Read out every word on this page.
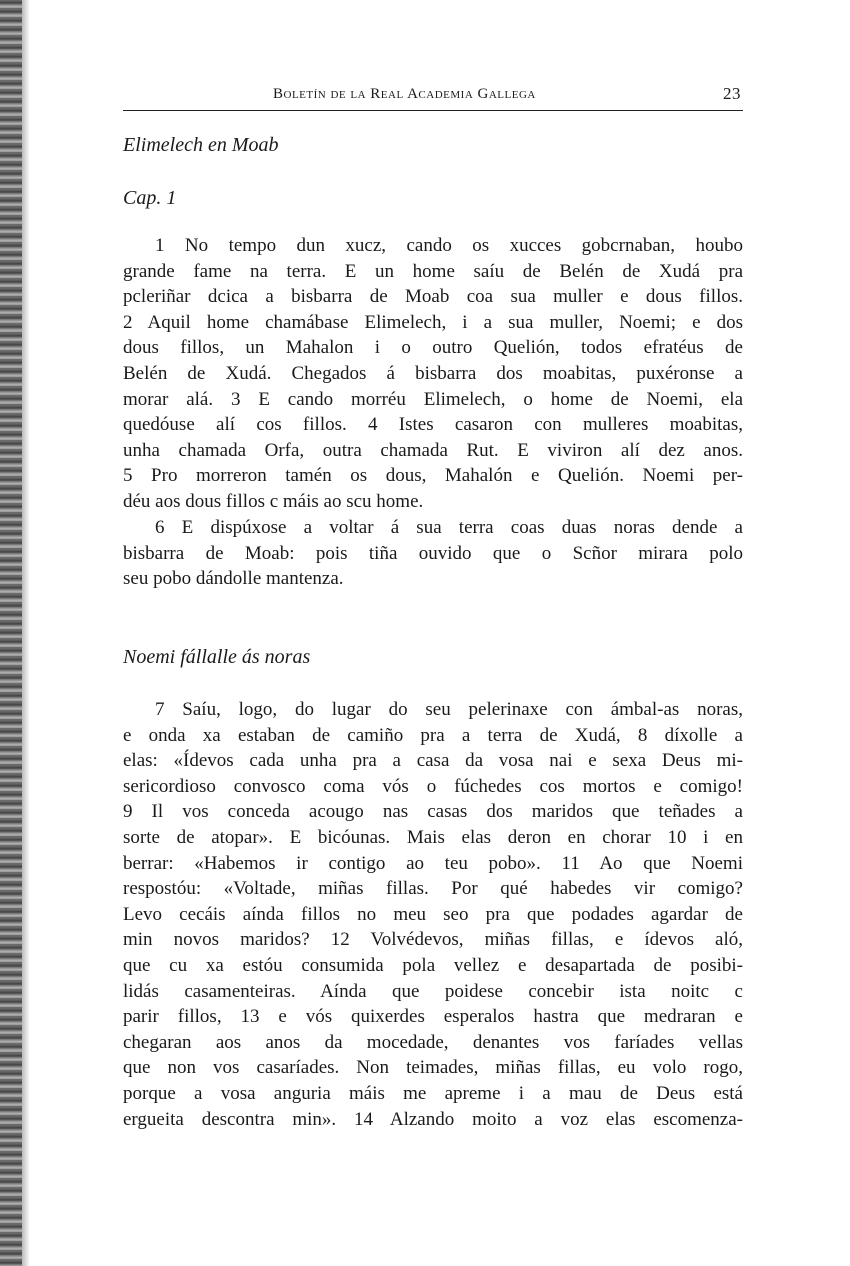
Boletín de la Real Academia Gallega	23
Elimelech en Moab
Cap. 1
1 No tempo dun xucz, cando os xucces gobcrnaban, houbo
grande fame na terra. E un home saíu de Belén de Xudá pra
pcleriñar dcica a bisbarra de Moab coa sua muller e dous fillos.
2 Aquil home chamábase Elimelech, i a sua muller, Noemi; e dos
dous fillos, un Mahalon i o outro Quelión, todos efratéus de
Belén de Xudá. Chegados á bisbarra dos moabitas, puxéronse a
morar alá. 3 E cando morréu Elimelech, o home de Noemi, ela
quedóuse alí cos fillos. 4 Istes casaron con mulleres moabitas,
unha chamada Orfa, outra chamada Rut. E viviron alí dez anos.
5 Pro morreron tamén os dous, Mahalón e Quelión. Noemi per-
déu aos dous fillos c máis ao scu home.
6 E dispúxose a voltar á sua terra coas duas noras dende a
bisbarra de Moab: pois tiña ouvido que o Scñor mirara polo
seu pobo dándolle mantenza.
Noemi fállalle ás noras
7 Saíu, logo, do lugar do seu pelerinaxe con ámbal-as noras,
e onda xa estaban de camiño pra a terra de Xudá, 8 díxolle a
elas: «Ídevos cada unha pra a casa da vosa nai e sexa Deus mi-
sericordioso convosco coma vós o fúchedes cos mortos e comigo!
9 Il vos conceda acougo nas casas dos maridos que teñades a
sorte de atopar». E bicóunas. Mais elas deron en chorar 10 i en
berrar: «Habemos ir contigo ao teu pobo». 11 Ao que Noemi
respostóu: «Voltade, miñas fillas. Por qué habedes vir comigo?
Levo cecáis aínda fillos no meu seo pra que podades agardar de
min novos maridos? 12 Volvédevos, miñas fillas, e ídevos aló,
que cu xa estóu consumida pola vellez e desapartada de posibi-
lidás casamenteiras. Aínda que poidese concebir ista noitc c
parir fillos, 13 e vós quixerdes esperalos hastra que medraran e
chegaran aos anos da mocedade, denantes vos faríades vellas
que non vos casaríades. Non teimades, miñas fillas, eu volo rogo,
porque a vosa anguria máis me apreme i a mau de Deus está
ergueita descontra min». 14 Alzando moito a voz elas escomenza-
